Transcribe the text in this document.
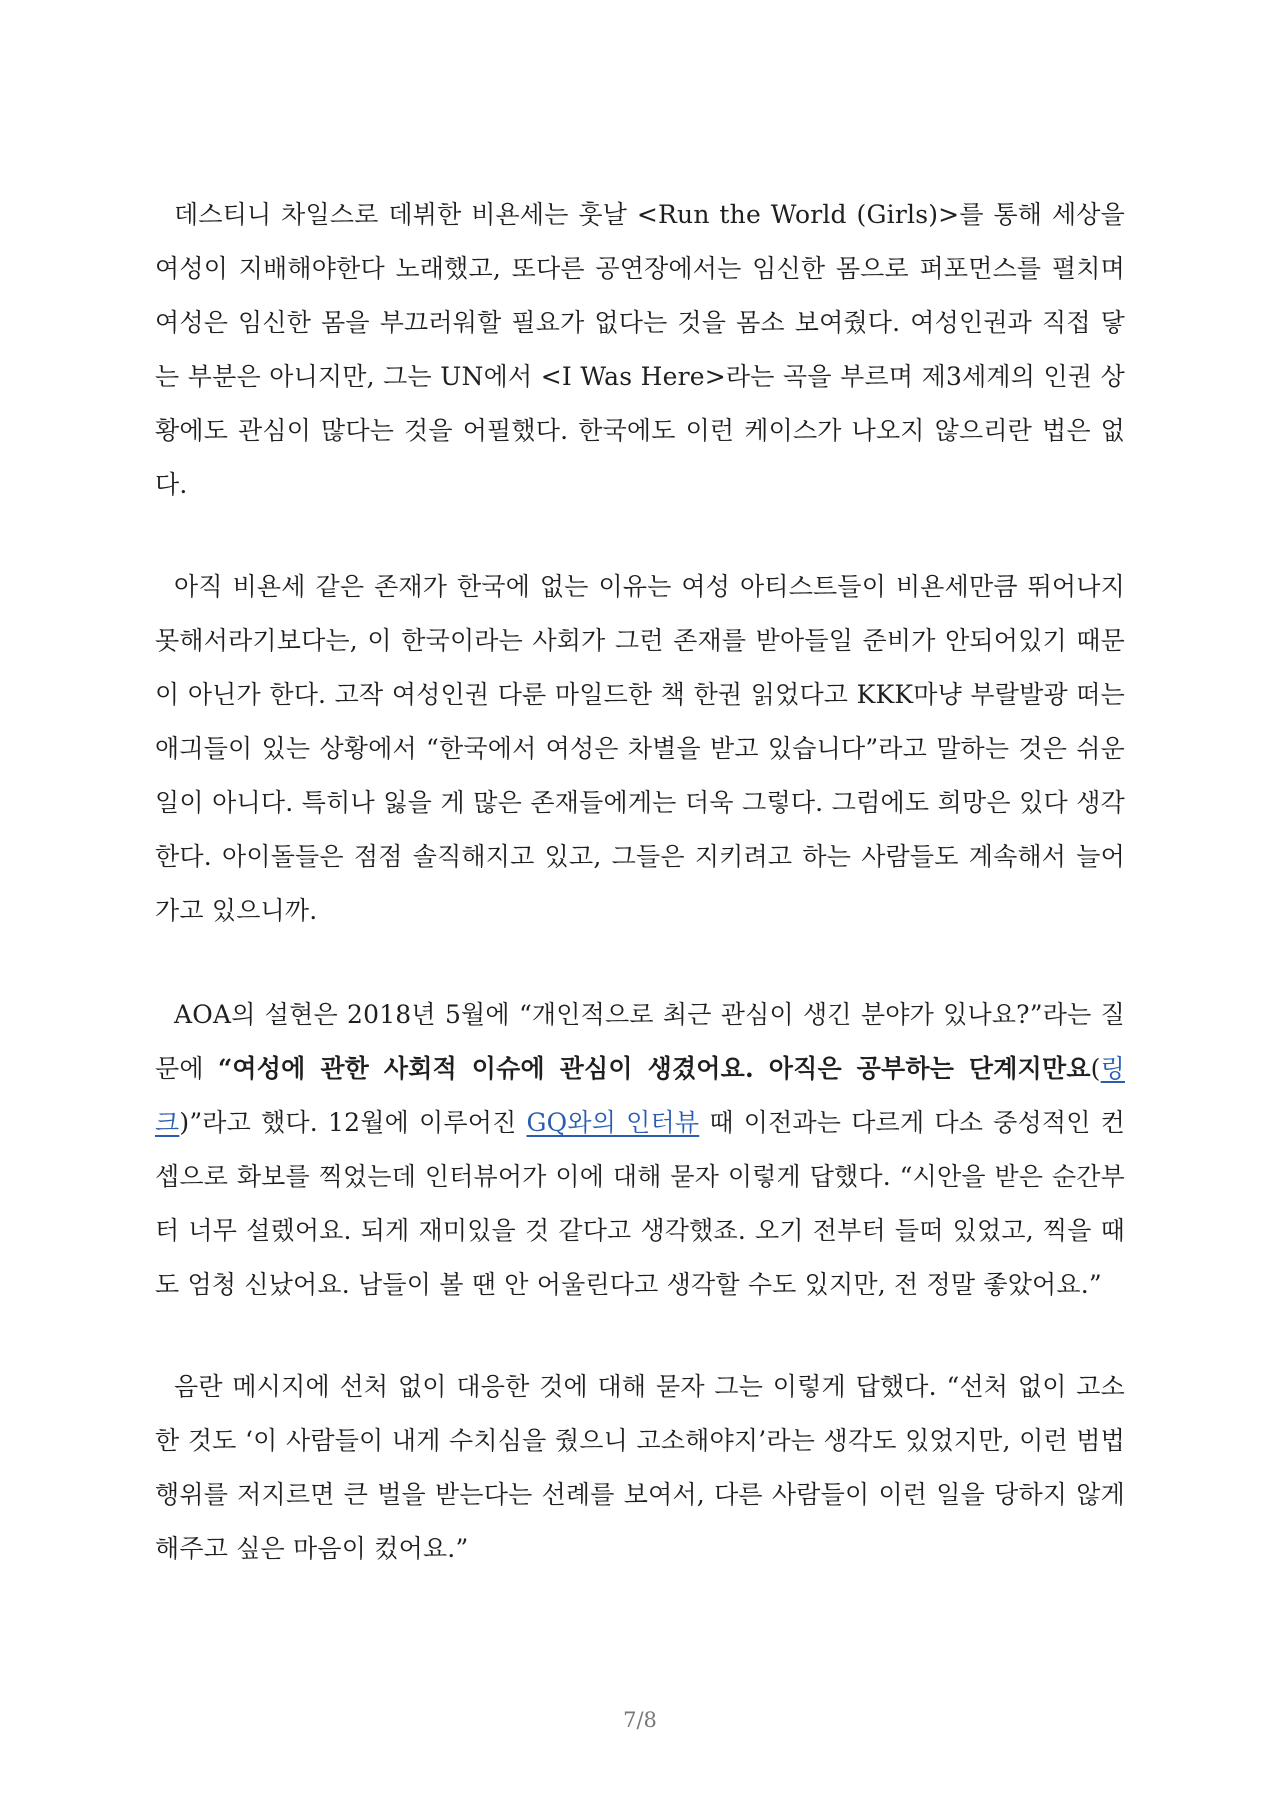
데스티니 차일스로 데뷔한 비욘세는 훗날 <Run the World (Girls)>를 통해 세상을 여성이 지배해야한다 노래했고, 또다른 공연장에서는 임신한 몸으로 퍼포먼스를 펼치며 여성은 임신한 몸을 부끄러워할 필요가 없다는 것을 몸소 보여줬다. 여성인권과 직접 닿는 부분은 아니지만, 그는 UN에서 <I Was Here>라는 곡을 부르며 제3세계의 인권 상황에도 관심이 많다는 것을 어필했다. 한국에도 이런 케이스가 나오지 않으리란 법은 없다.

아직 비욘세 같은 존재가 한국에 없는 이유는 여성 아티스트들이 비욘세만큼 뛰어나지 못해서라기보다는, 이 한국이라는 사회가 그런 존재를 받아들일 준비가 안되어있기 때문이 아닌가 한다. 고작 여성인권 다룬 마일드한 책 한권 읽었다고 KKK마냥 부랄발광 떠는 애긔들이 있는 상황에서 “한국에서 여성은 차별을 받고 있습니다”라고 말하는 것은 쉬운 일이 아니다. 특히나 잃을 게 많은 존재들에게는 더욱 그렇다. 그럼에도 희망은 있다 생각한다. 아이돌들은 점점 솔직해지고 있고, 그들은 지키려고 하는 사람들도 계속해서 늘어가고 있으니까.

AOA의 설현은 2018년 5월에 “개인적으로 최근 관심이 생긴 분야가 있나요?”라는 질문에 “여성에 관한 사회적 이슈에 관심이 생겼어요. 아직은 공부하는 단계지만요(링크)”라고 했다. 12월에 이루어진 GQ와의 인터뷰 때 이전과는 다르게 다소 중성적인 컨셉으로 화보를 찍었는데 인터뷰어가 이에 대해 묻자 이렇게 답했다. “시안을 받은 순간부터 너무 설렜어요. 되게 재미있을 것 같다고 생각했죠. 오기 전부터 들떠 있었고, 찍을 때도 엄청 신났어요. 남들이 볼 땐 안 어울린다고 생각할 수도 있지만, 전 정말 좋았어요.”

음란 메시지에 선처 없이 대응한 것에 대해 묻자 그는 이렇게 답했다. “선처 없이 고소한 것도 ‘이 사람들이 내게 수치심을 줬으니 고소해야지’라는 생각도 있었지만, 이런 범법 행위를 저지르면 큰 벌을 받는다는 선례를 보여서, 다른 사람들이 이런 일을 당하지 않게 해주고 싶은 마음이 컸어요.”

7/8
